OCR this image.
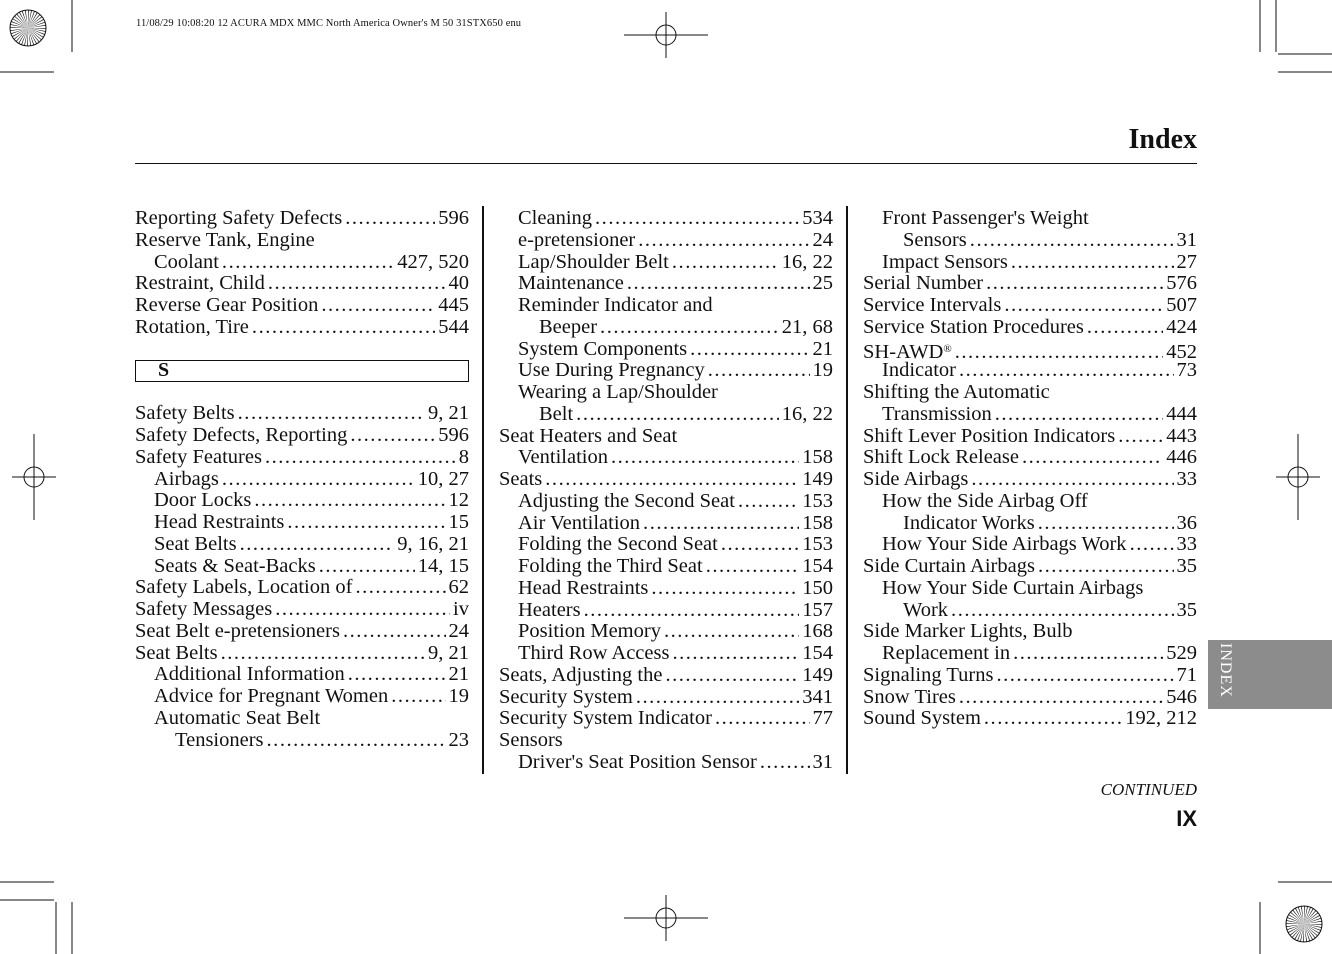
11/08/29 10:08:20 12 ACURA MDX MMC North America Owner's M 50 31STX650 enu
Index
Reporting Safety Defects . . .	596
Reserve Tank, Engine
Coolant . . .	427, 520
Restraint, Child . . .	40
Reverse Gear Position . . .	445
Rotation, Tire . . .	544
S
Safety Belts . . .	9, 21
Safety Defects, Reporting . . .	596
Safety Features . . .	8
Airbags . . .	10, 27
Door Locks . . .	12
Head Restraints . . .	15
Seat Belts . . .	9, 16, 21
Seats & Seat-Backs . . .	14, 15
Safety Labels, Location of . . .	62
Safety Messages . . .	iv
Seat Belt e-pretensioners . . .	24
Seat Belts . . .	9, 21
Additional Information . . .	21
Advice for Pregnant Women . . .	19
Automatic Seat Belt
Tensioners . . .	23
Cleaning . . .	534
e-pretensioner . . .	24
Lap/Shoulder Belt . . .	16, 22
Maintenance . . .	25
Reminder Indicator and
Beeper . . .	21, 68
System Components . . .	21
Use During Pregnancy . . .	19
Wearing a Lap/Shoulder
Belt . . .	16, 22
Seat Heaters and Seat
Ventilation . . .	158
Seats . . .	149
Adjusting the Second Seat . . .	153
Air Ventilation . . .	158
Folding the Second Seat . . .	153
Folding the Third Seat . . .	154
Head Restraints . . .	150
Heaters . . .	157
Position Memory . . .	168
Third Row Access . . .	154
Seats, Adjusting the . . .	149
Security System . . .	341
Security System Indicator . . .	77
Sensors
Driver's Seat Position Sensor . . .	31
Front Passenger's Weight
Sensors . . .	31
Impact Sensors . . .	27
Serial Number . . .	576
Service Intervals . . .	507
Service Station Procedures . . .	424
SH-AWD® . . .	452
Indicator . . .	73
Shifting the Automatic
Transmission . . .	444
Shift Lever Position Indicators . . . 443
Shift Lock Release . . .	446
Side Airbags . . .	33
How the Side Airbag Off
Indicator Works . . .	36
How Your Side Airbags Work . . . 33
Side Curtain Airbags . . .	35
How Your Side Curtain Airbags
Work . . .	35
Side Marker Lights, Bulb
Replacement in . . .	529
Signaling Turns . . .	71
Snow Tires . . .	546
Sound System . . .	192, 212
INDEX
CONTINUED
IX
